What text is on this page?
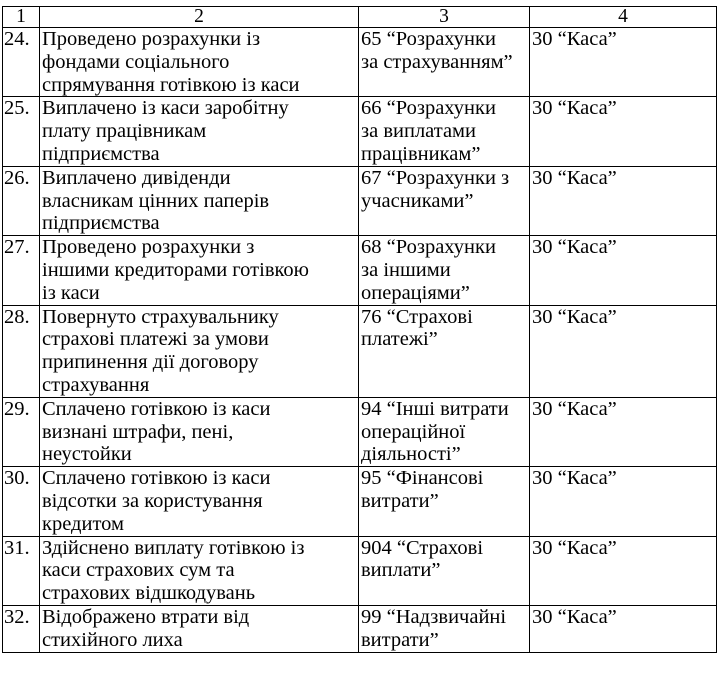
1	2	3	4
24.	Проведено розрахунки із
фондами соціального
спрямування готівкою із каси	65 “Розрахунки
за страхуванням”	30 “Каса”

25.	Виплачено із каси заробітну
плату працівникам
підприємства	66 “Розрахунки
за виплатами
працівникам”	30 “Каса”

26.	Виплачено дивіденди
власникам цінних паперів
підприємства	67 “Розрахунки з
учасниками”	30 “Каса”

27.	Проведено розрахунки з
іншими кредиторами готівкою
із каси	68 “Розрахунки
за іншими
операціями”	30 “Каса”

28.	Повернуто страхувальнику
страхові платежі за умови
припинення дії договору
страхування	76 “Страхові
платежі”	30 “Каса”

29.	Сплачено готівкою із каси
визнані штрафи, пені,
неустойки	94 “Інші витрати
операційної
діяльності”	30 “Каса”

30.	Сплачено готівкою із каси
відсотки за користування
кредитом	95 “Фінансові
витрати”	30 “Каса”

31.	Здійснено виплату готівкою із
каси страхових сум та
страхових відшкодувань	904 “Страхові
виплати”	30 “Каса”

32.	Відображено втрати від
стихійного лиха	99 “Надзвичайні
витрати”	30 “Каса”
